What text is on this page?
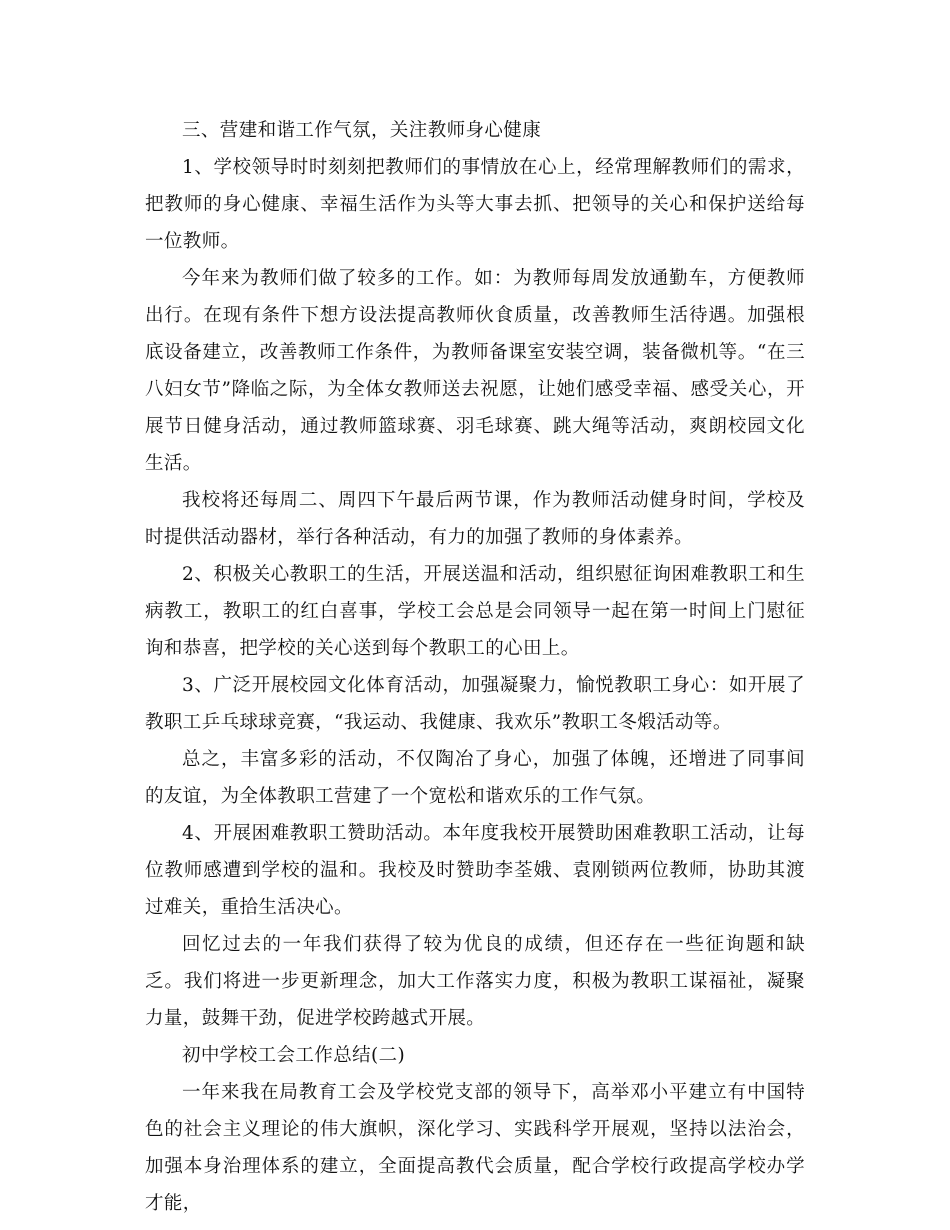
三、营建和谐工作气氛，关注教师身心健康

1、学校领导时时刻刻把教师们的事情放在心上，经常理解教师们的需求，把教师的身心健康、幸福生活作为头等大事去抓、把领导的关心和保护送给每一位教师。

今年来为教师们做了较多的工作。如：为教师每周发放通勤车，方便教师出行。在现有条件下想方设法提高教师伙食质量，改善教师生活待遇。加强根底设备建立，改善教师工作条件，为教师备课室安装空调，装备微机等。“在三八妇女节”降临之际，为全体女教师送去祝愿，让她们感受幸福、感受关心，开展节日健身活动，通过教师篮球赛、羽毛球赛、跳大绳等活动，爽朗校园文化生活。

我校将还每周二、周四下午最后两节课，作为教师活动健身时间，学校及时提供活动器材，举行各种活动，有力的加强了教师的身体素养。

2、积极关心教职工的生活，开展送温和活动，组织慰征询困难教职工和生病教工，教职工的红白喜事，学校工会总是会同领导一起在第一时间上门慰征询和恭喜，把学校的关心送到每个教职工的心田上。

3、广泛开展校园文化体育活动，加强凝聚力，愉悦教职工身心：如开展了教职工乒乓球球竞赛，“我运动、我健康、我欢乐”教职工冬煅活动等。

总之，丰富多彩的活动，不仅陶冶了身心，加强了体魄，还增进了同事间的友谊，为全体教职工营建了一个宽松和谐欢乐的工作气氛。

4、开展困难教职工赞助活动。本年度我校开展赞助困难教职工活动，让每位教师感遭到学校的温和。我校及时赞助李荃娥、袁刚锁两位教师，协助其渡过难关，重拾生活决心。

回忆过去的一年我们获得了较为优良的成绩，但还存在一些征询题和缺乏。我们将进一步更新理念，加大工作落实力度，积极为教职工谋福祉，凝聚力量，鼓舞干劲，促进学校跨越式开展。

初中学校工会工作总结(二)

一年来我在局教育工会及学校党支部的领导下，高举邓小平建立有中国特色的社会主义理论的伟大旗帜，深化学习、实践科学开展观，坚持以法治会，加强本身治理体系的建立，全面提高教代会质量，配合学校行政提高学校办学才能，
